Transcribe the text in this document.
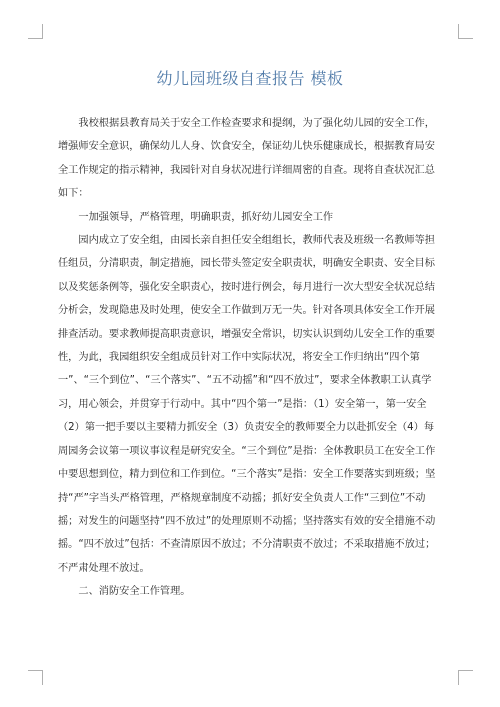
幼儿园班级自查报告 模板

我校根据县教育局关于安全工作检查要求和提纲，为了强化幼儿园的安全工作，增强师安全意识，确保幼儿人身、饮食安全，保证幼儿快乐健康成长，根据教育局安全工作规定的指示精神，我园针对自身状况进行详细周密的自查。现将自查状况汇总如下：

一加强领导，严格管理，明确职责，抓好幼儿园安全工作

园内成立了安全组，由园长亲自担任安全组组长，教师代表及班级一名教师等担任组员，分清职责，制定措施，园长带头签定安全职责状，明确安全职责、安全目标以及奖惩条例等，强化安全职责心，按时进行例会，每月进行一次大型安全状况总结分析会，发现隐患及时处理，使安全工作做到万无一失。针对各项具体安全工作开展排查活动。要求教师提高职责意识，增强安全常识，切实认识到幼儿安全工作的重要性，为此，我园组织安全组成员针对工作中实际状况，将安全工作归纳出“四个第一”、“三个到位”、“三个落实”、“五不动摇”和“四不放过”，要求全体教职工认真学习，用心领会，并贯穿于行动中。其中“四个第一”是指：（1）安全第一，第一安全（2）第一把手要以主要精力抓安全（3）负责安全的教师要全力以赴抓安全（4）每周园务会议第一项议事议程是研究安全。“三个到位”是指：全体教职员工在安全工作中要思想到位，精力到位和工作到位。“三个落实”是指：安全工作要落实到班级；坚持“严”字当头严格管理，严格规章制度不动摇；抓好安全负责人工作“三到位”不动摇；对发生的问题坚持“四不放过”的处理原则不动摇；坚持落实有效的安全措施不动摇。“四不放过”包括：不查清原因不放过；不分清职责不放过；不采取措施不放过；不严肃处理不放过。

二、消防安全工作管理。
